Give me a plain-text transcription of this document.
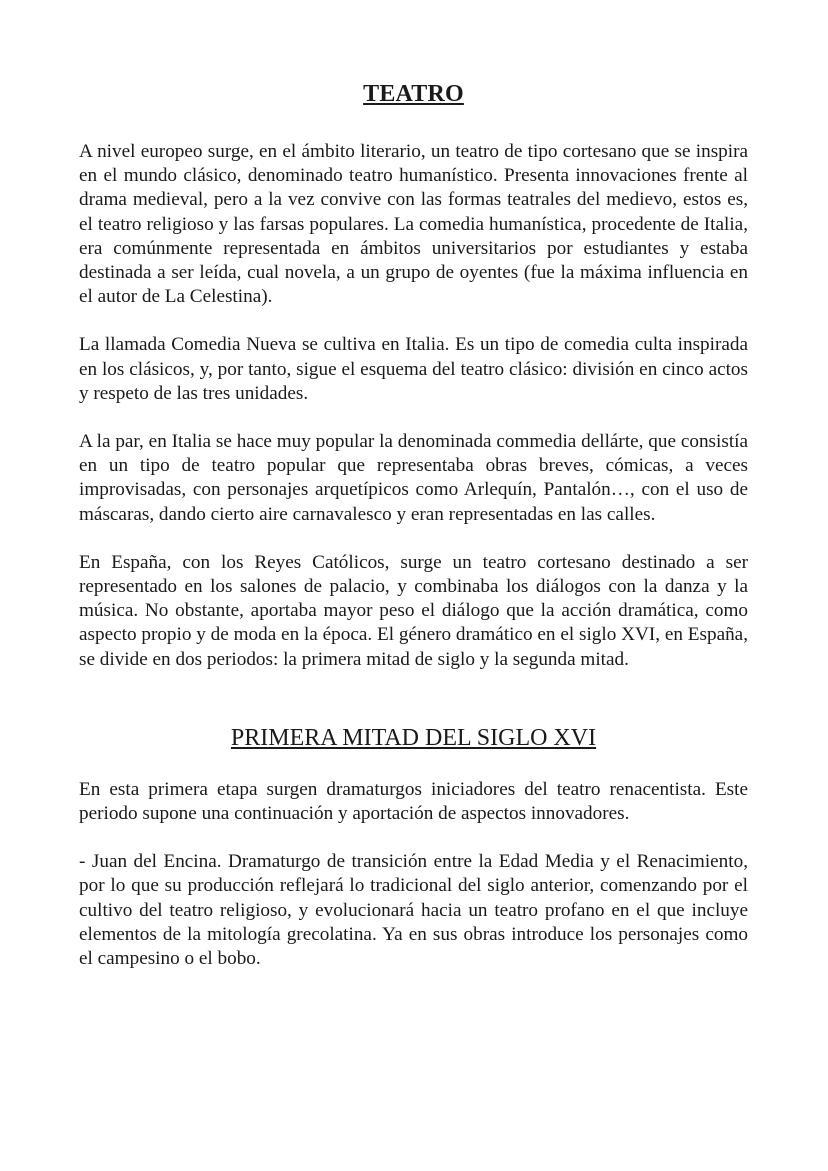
TEATRO

A nivel europeo surge, en el ámbito literario, un teatro de tipo cortesano que se inspira en el mundo clásico, denominado teatro humanístico. Presenta innovaciones frente al drama medieval, pero a la vez convive con las formas teatrales del medievo, estos es, el teatro religioso y las farsas populares. La comedia humanística, procedente de Italia, era comúnmente representada en ámbitos universitarios por estudiantes y estaba destinada a ser leída, cual novela, a un grupo de oyentes (fue la máxima influencia en el autor de La Celestina).

La llamada Comedia Nueva se cultiva en Italia. Es un tipo de comedia culta inspirada en los clásicos, y, por tanto, sigue el esquema del teatro clásico: división en cinco actos y respeto de las tres unidades.

A la par, en Italia se hace muy popular la denominada commedia dellárte, que consistía en un tipo de teatro popular que representaba obras breves, cómicas, a veces improvisadas, con personajes arquetípicos como Arlequín, Pantalón…, con el uso de máscaras, dando cierto aire carnavalesco y eran representadas en las calles.

En España, con los Reyes Católicos, surge un teatro cortesano destinado a ser representado en los salones de palacio, y combinaba los diálogos con la danza y la música. No obstante, aportaba mayor peso el diálogo que la acción dramática, como aspecto propio y de moda en la época. El género dramático en el siglo XVI, en España, se divide en dos periodos: la primera mitad de siglo y la segunda mitad.

PRIMERA MITAD DEL SIGLO XVI

En esta primera etapa surgen dramaturgos iniciadores del teatro renacentista. Este periodo supone una continuación y aportación de aspectos innovadores.

- Juan del Encina. Dramaturgo de transición entre la Edad Media y el Renacimiento, por lo que su producción reflejará lo tradicional del siglo anterior, comenzando por el cultivo del teatro religioso, y evolucionará hacia un teatro profano en el que incluye elementos de la mitología grecolatina. Ya en sus obras introduce los personajes como el campesino o el bobo.
